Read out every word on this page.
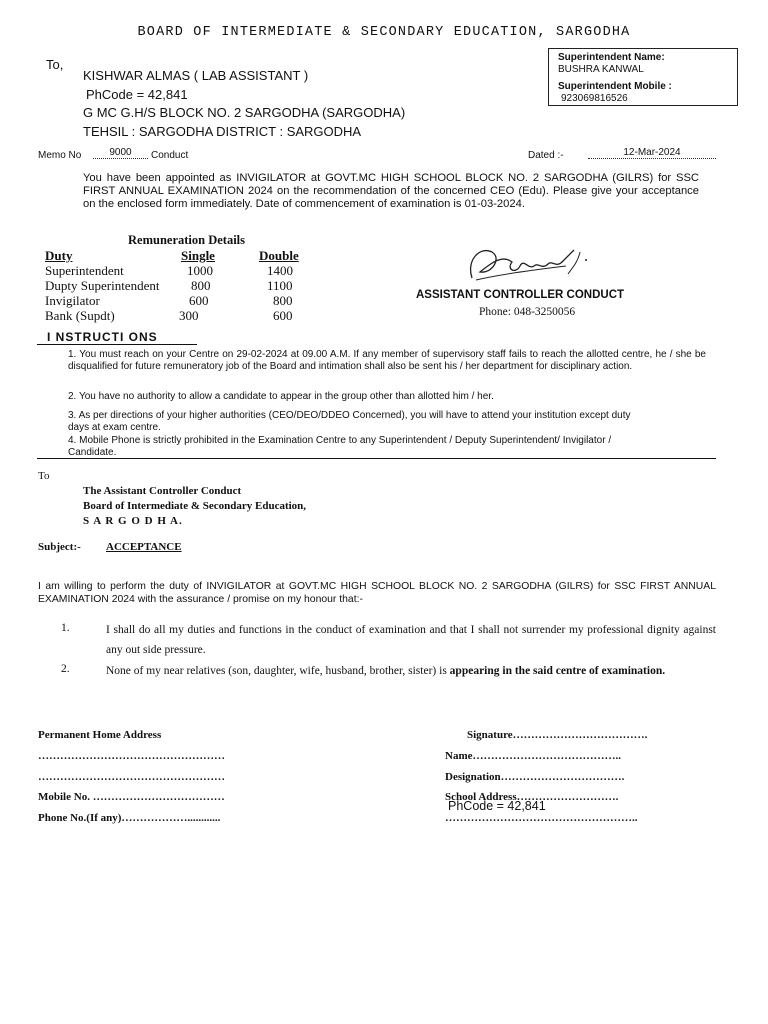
BOARD OF INTERMEDIATE & SECONDARY EDUCATION, SARGODHA
To,
KISHWAR ALMAS ( LAB ASSISTANT )
PhCode = 42,841
G MC G.H/S BLOCK NO. 2 SARGODHA (SARGODHA)
TEHSIL : SARGODHA DISTRICT : SARGODHA
Superintendent Name:
BUSHRA KANWAL
Superintendent Mobile :
923069816526
Memo No	9000	Conduct	Dated :-	12-Mar-2024
You have been appointed as INVIGILATOR at GOVT.MC HIGH SCHOOL BLOCK NO. 2 SARGODHA (GILRS) for SSC FIRST ANNUAL EXAMINATION 2024 on the recommendation of the concerned CEO (Edu). Please give your acceptance on the enclosed form immediately. Date of commencement of examination is 01-03-2024.
Remuneration Details
Duty	Single	Double
Superintendent	1000	1400
Dupty Superintendent 800	1100
Invigilator	600	800
Bank (Supdt)	300	600
ASSISTANT CONTROLLER CONDUCT
Phone: 048-3250056
I NSTRUCTI ONS
1. You must reach on your Centre on 29-02-2024 at 09.00 A.M. If any member of supervisory staff fails to reach the allotted centre, he / she be disqualified for future remuneratory job of the Board and intimation shall also be sent his / her department for disciplinary action.
2. You have no authority to allow a candidate to appear in the group other than allotted him / her.
3. As per directions of your higher authorities (CEO/DEO/DDEO Concerned), you will have to attend your institution except duty days at exam centre.
4. Mobile Phone is strictly prohibited in the Examination Centre to any Superintendent / Deputy Superintendent/ Invigilator / Candidate.
To
The Assistant Controller Conduct
Board of Intermediate & Secondary Education,
S A R G O D H A.
Subject:- ACCEPTANCE
I am willing to perform the duty of INVIGILATOR at GOVT.MC HIGH SCHOOL BLOCK NO. 2 SARGODHA (GILRS) for SSC FIRST ANNUAL EXAMINATION 2024 with the assurance / promise on my honour that:-
1.	I shall do all my duties and functions in the conduct of examination and that I shall not surrender my professional dignity against any out side pressure.
2.	None of my near relatives (son, daughter, wife, husband, brother, sister) is appearing in the said centre of examination.
Permanent Home Address
……………………………………………
……………………………………………
Mobile No. ………………………………
Phone No.(If any)………………............
Signature……………………………….
Name…………………………………..
Designation…………………………….
School Address……………………….
PhCode = 42,841
……………………………………………..
